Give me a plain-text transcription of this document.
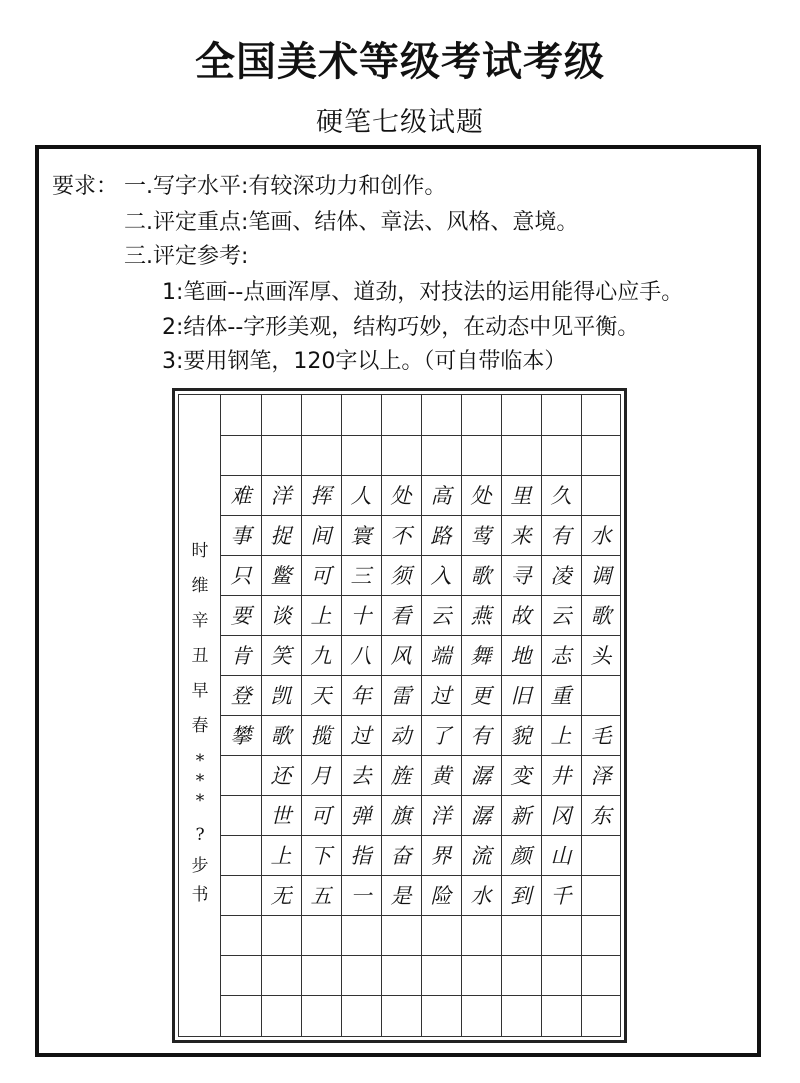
全国美术等级考试考级
硬笔七级试题
要求： 一.写字水平:有较深功力和创作。
二.评定重点:笔画、结体、章法、风格、意境。
三.评定参考:
1:笔画--点画浑厚、道劲，对技法的运用能得心应手。
2:结体--字形美观，结构巧妙，在动态中见平衡。
3:要用钢笔，120字以上。（可自带临本）
时
维
辛
丑
早
春
*
*
*
?
步
书
水
调
歌
头
毛
泽
东
久
有
凌
云
志
重
上
井
冈
山
千
里
来
寻
故
地
旧
貌
变
新
颜
到
处
莺
歌
燕
舞
更
有
潺
潺
流
水
高
路
入
云
端
过
了
黄
洋
界
险
处
不
须
看
风
雷
动
旌
旗
奋
是
人
寰
三
十
八
年
过
去
弹
指
一
挥
间
可
上
九
天
揽
月
可
下
五
洋
捉
鳖
谈
笑
凯
歌
还
世
上
无
难
事
只
要
肯
登
攀
